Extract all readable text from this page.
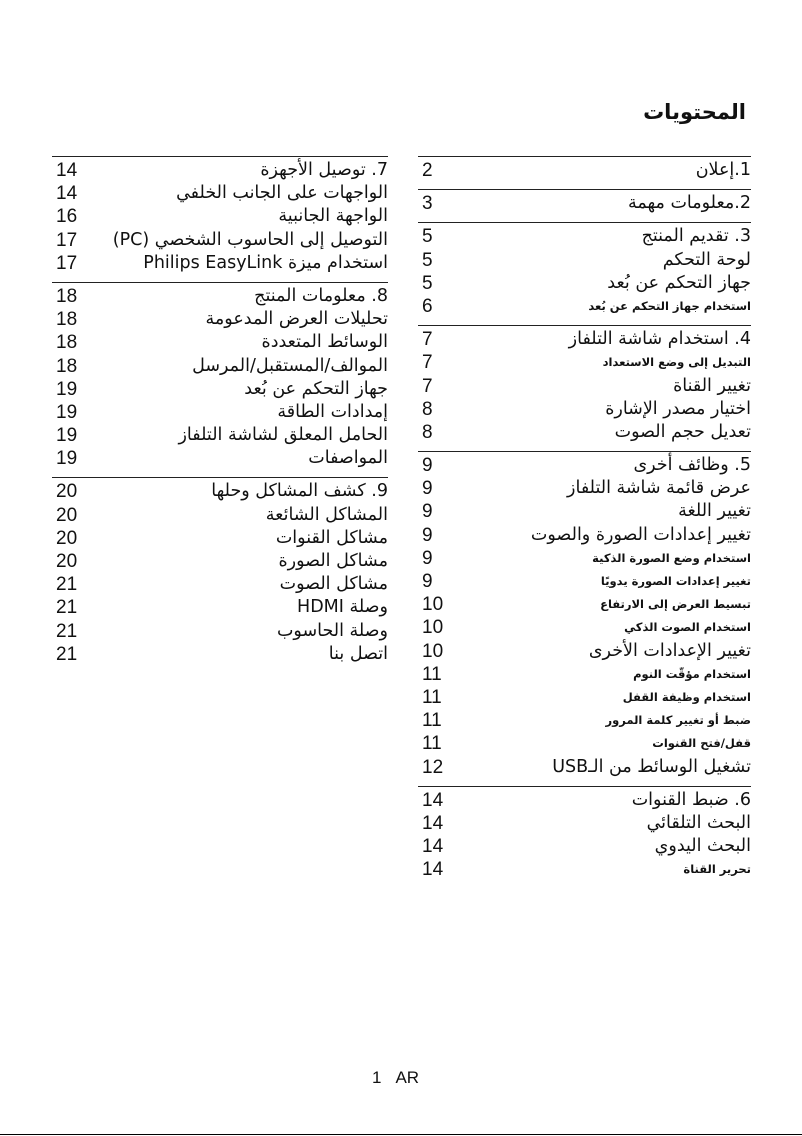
المحتويات
2	1.إعلان
3	2.معلومات مهمة
5	3. تقديم المنتج
5	لوحة التحكم
5	جهاز التحكم عن بُعد
6	استخدام جهاز التحكم عن بُعد
7	4. استخدام شاشة التلفاز
7	التبديل إلى وضع الاستعداد
7	تغيير القناة
8	اختيار مصدر الإشارة
8	تعديل حجم الصوت
9	5. وظائف أخرى
9	عرض قائمة شاشة التلفاز
9	تغيير اللغة
9	تغيير إعدادات الصورة والصوت
9	استخدام وضع الصورة الذكية
9	تغيير إعدادات الصورة يدويًا
10	تبسيط العرض إلى الارتفاع
10	استخدام الصوت الذكي
10	تغيير الإعدادات الأخرى
11	استخدام مؤقّت النوم
11	استخدام وظيفة القفل
11	ضبط أو تغيير كلمة المرور
11	قفل/فتح القنوات
12	تشغيل الوسائط من الـUSB
14	6. ضبط القنوات
14	البحث التلقائي
14	البحث اليدوي
14	تحرير القناة
14	7. توصيل الأجهزة
14	الواجهات على الجانب الخلفي
16	الواجهة الجانبية
17 التوصيل إلى الحاسوب الشخصي (PC)
17	استخدام ميزة Philips EasyLink
18	8. معلومات المنتج
18	تحليلات العرض المدعومة
18	الوسائط المتعددة
18	الموالف/المستقبل/المرسل
19	جهاز التحكم عن بُعد
19	إمدادات الطاقة
19	الحامل المعلق لشاشة التلفاز
19	المواصفات
20	9. كشف المشاكل وحلها
20	المشاكل الشائعة
20	مشاكل القنوات
20	مشاكل الصورة
21	مشاكل الصوت
21	وصلة HDMI
21	وصلة الحاسوب
21	اتصل بنا
1 AR
